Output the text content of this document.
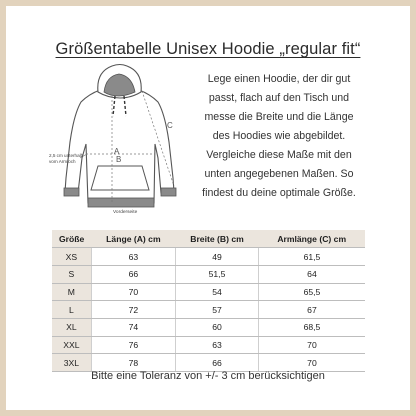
Größentabelle Unisex Hoodie „regular fit“
A
B
C
2,5 cm unterhalb vom Armloch
Vorderseite
Lege einen Hoodie, der dir gut passt, flach auf den Tisch und messe die Breite und die Länge des Hoodies wie abgebildet. Vergleiche diese Maße mit den unten angegebenen Maßen. So findest du deine optimale Größe.
Größe	Länge (A) cm	Breite (B) cm	Armlänge (C) cm
XS	63	49	61,5
S	66	51,5	64
M	70	54	65,5
L	72	57	67
XL	74	60	68,5
XXL	76	63	70
3XL	78	66	70
Bitte eine Toleranz von +/- 3 cm berücksichtigen
